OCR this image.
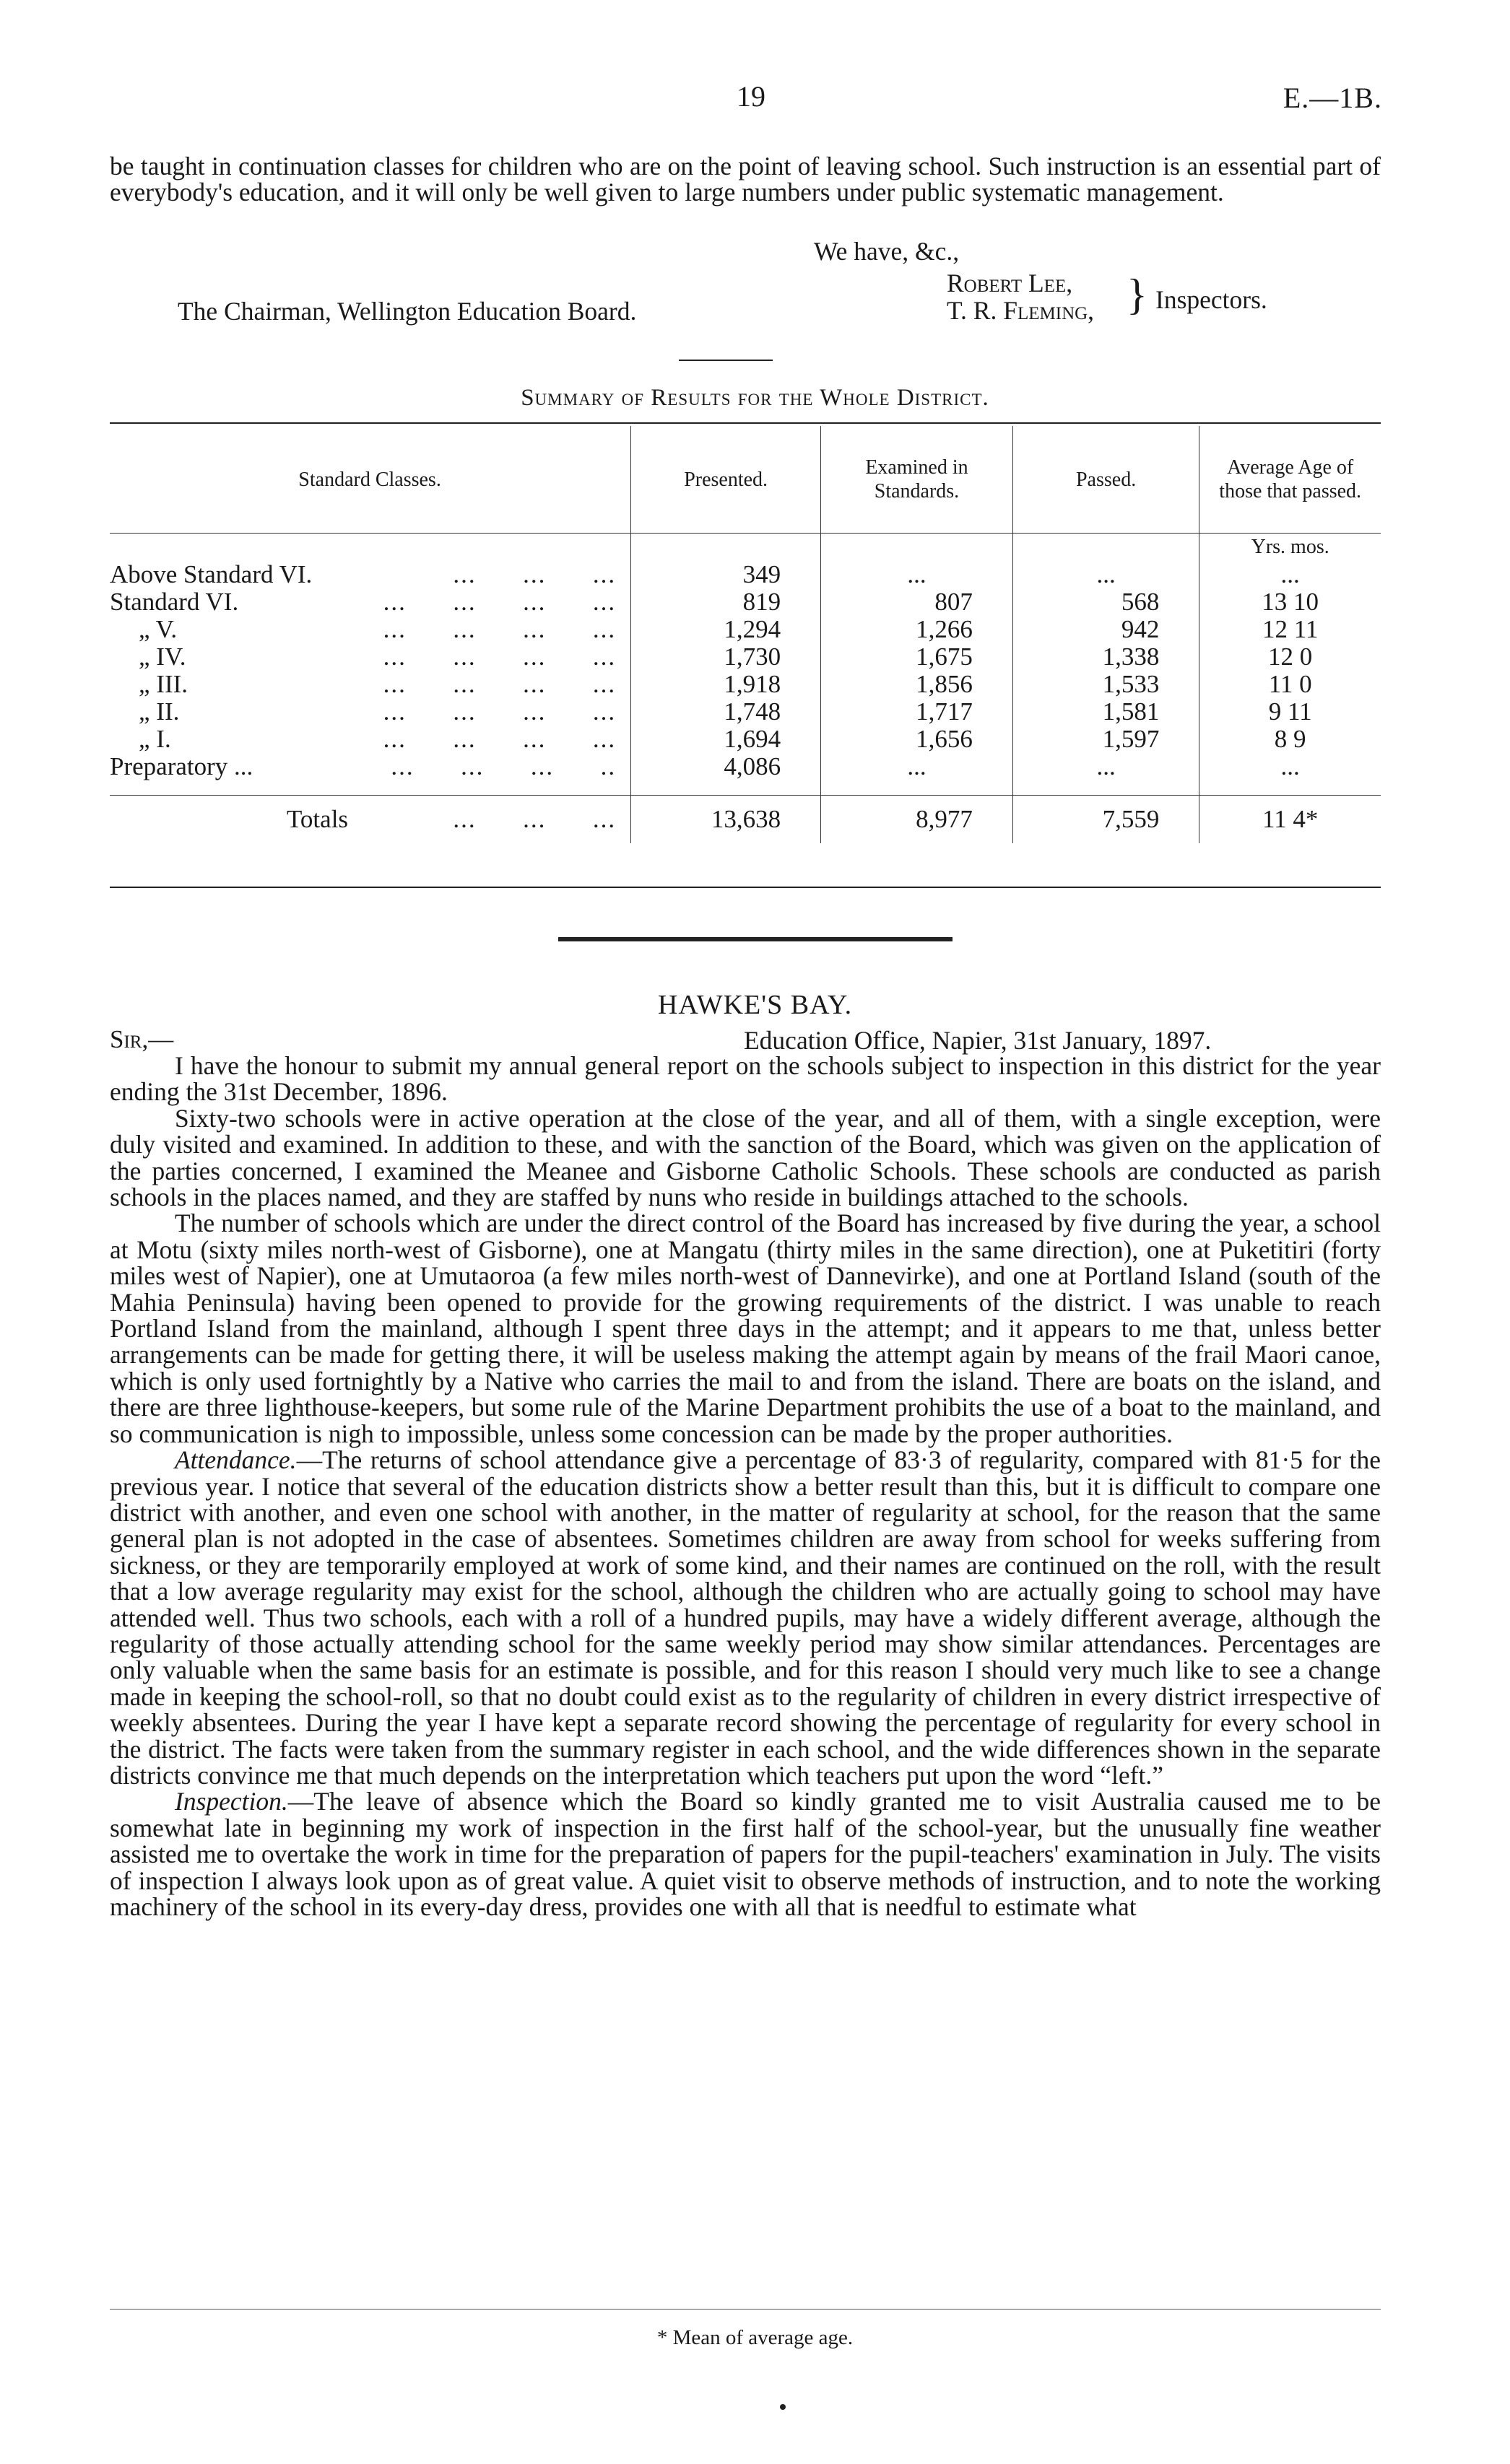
19	E.—1B.

be taught in continuation classes for children who are on the point of leaving school. Such instruction is an essential part of everybody's education, and it will only be well given to large numbers under public systematic management.

We have, &c.,
The Chairman, Wellington Education Board.
Robert Lee,
T. R. Fleming, } Inspectors.
Summary of Results for the Whole District.
Standard Classes.	Presented.	Examined in Standards.	Passed.	Average Age of those that passed.
				Yrs. mos.

Above Standard VI. ...      ...      ...	349	...	...	...

Standard VI. ...      ...      ...      ...	819	807	568	13 10

„ V. ...      ...      ...      ...	1,294	1,266	942	12 11

„ IV. ...      ...      ...      ...	1,730	1,675	1,338	12 0

„ III. ...      ...      ...      ...	1,918	1,856	1,533	11 0

„ II. ...      ...      ...      ...	1,748	1,717	1,581	9 11

„ I. ...      ...      ...      ...	1,694	1,656	1,597	8 9

Preparatory ... ...      ...      ...      ..	4,086	...	...	...

Totals ...      ...      ...	13,638	8,977	7,559	11 4*
HAWKE'S BAY.
Sir,—	Education Office, Napier, 31st January, 1897.

I have the honour to submit my annual general report on the schools subject to inspection in this district for the year ending the 31st December, 1896.

Sixty-two schools were in active operation at the close of the year, and all of them, with a single exception, were duly visited and examined. In addition to these, and with the sanction of the Board, which was given on the application of the parties concerned, I examined the Meanee and Gisborne Catholic Schools. These schools are conducted as parish schools in the places named, and they are staffed by nuns who reside in buildings attached to the schools.

The number of schools which are under the direct control of the Board has increased by five during the year, a school at Motu (sixty miles north-west of Gisborne), one at Mangatu (thirty miles in the same direction), one at Puketitiri (forty miles west of Napier), one at Umutaoroa (a few miles north-west of Dannevirke), and one at Portland Island (south of the Mahia Peninsula) having been opened to provide for the growing requirements of the district. I was unable to reach Portland Island from the mainland, although I spent three days in the attempt; and it appears to me that, unless better arrangements can be made for getting there, it will be useless making the attempt again by means of the frail Maori canoe, which is only used fortnightly by a Native who carries the mail to and from the island. There are boats on the island, and there are three lighthouse-keepers, but some rule of the Marine Department prohibits the use of a boat to the mainland, and so communication is nigh to impossible, unless some concession can be made by the proper authorities.

Attendance.—The returns of school attendance give a percentage of 83·3 of regularity, compared with 81·5 for the previous year. I notice that several of the education districts show a better result than this, but it is difficult to compare one district with another, and even one school with another, in the matter of regularity at school, for the reason that the same general plan is not adopted in the case of absentees. Sometimes children are away from school for weeks suffering from sickness, or they are temporarily employed at work of some kind, and their names are continued on the roll, with the result that a low average regularity may exist for the school, although the children who are actually going to school may have attended well. Thus two schools, each with a roll of a hundred pupils, may have a widely different average, although the regularity of those actually attending school for the same weekly period may show similar attendances. Percentages are only valuable when the same basis for an estimate is possible, and for this reason I should very much like to see a change made in keeping the school-roll, so that no doubt could exist as to the regularity of children in every district irrespective of weekly absentees. During the year I have kept a separate record showing the percentage of regularity for every school in the district. The facts were taken from the summary register in each school, and the wide differences shown in the separate districts convince me that much depends on the interpretation which teachers put upon the word “left.”

Inspection.—The leave of absence which the Board so kindly granted me to visit Australia caused me to be somewhat late in beginning my work of inspection in the first half of the school-year, but the unusually fine weather assisted me to overtake the work in time for the preparation of papers for the pupil-teachers' examination in July. The visits of inspection I always look upon as of great value. A quiet visit to observe methods of instruction, and to note the working machinery of the school in its every-day dress, provides one with all that is needful to estimate what

* Mean of average age.
